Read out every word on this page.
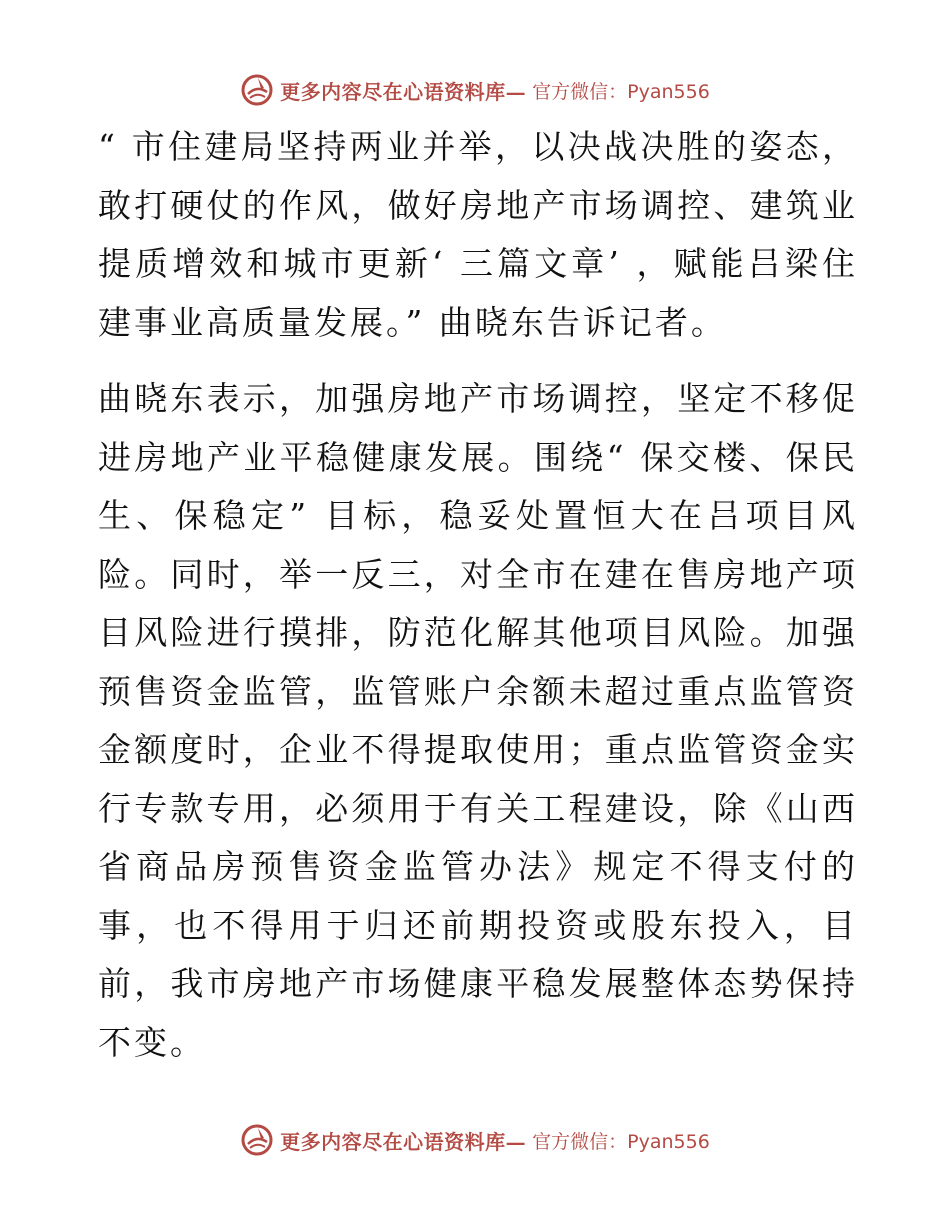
更多内容尽在心语资料库— 官方微信：Pyan556

“ 市住建局坚持两业并举，以决战决胜的姿态，敢打硬仗的作风，做好房地产市场调控、建筑业提质增效和城市更新‘ 三篇文章’ ，赋能吕梁住建事业高质量发展。” 曲晓东告诉记者。

曲晓东表示，加强房地产市场调控，坚定不移促进房地产业平稳健康发展。围绕“ 保交楼、保民生、保稳定” 目标，稳妥处置恒大在吕项目风险。同时，举一反三，对全市在建在售房地产项目风险进行摸排，防范化解其他项目风险。加强预售资金监管，监管账户余额未超过重点监管资金额度时，企业不得提取使用；重点监管资金实行专款专用，必须用于有关工程建设，除《山西省商品房预售资金监管办法》规定不得支付的事，也不得用于归还前期投资或股东投入，目前，我市房地产市场健康平稳发展整体态势保持不变。

更多内容尽在心语资料库— 官方微信：Pyan556
